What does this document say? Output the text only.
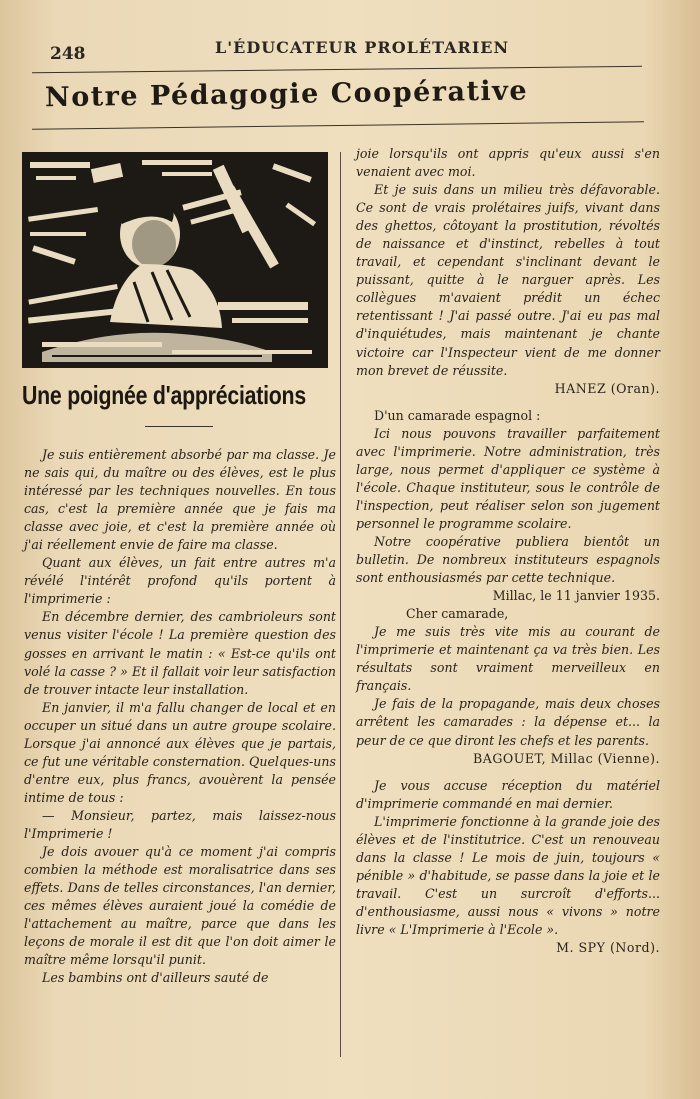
248	L'ÉDUCATEUR PROLÉTARIEN
Notre Pédagogie Coopérative
Une poignée d'appréciations

Je suis entièrement absorbé par ma classe. Je ne sais qui, du maître ou des élèves, est le plus intéressé par les techniques nouvelles. En tous cas, c'est la première année que je fais ma classe avec joie, et c'est la première année où j'ai réellement envie de faire ma classe.

Quant aux élèves, un fait entre autres m'a révélé l'intérêt profond qu'ils portent à l'imprimerie :

En décembre dernier, des cambrioleurs sont venus visiter l'école ! La première question des gosses en arrivant le matin : « Est-ce qu'ils ont volé la casse ? » Et il fallait voir leur satisfaction de trouver intacte leur installation.

En janvier, il m'a fallu changer de local et en occuper un situé dans un autre groupe scolaire. Lorsque j'ai annoncé aux élèves que je partais, ce fut une véritable consternation. Quelques-uns d'entre eux, plus francs, avouèrent la pensée intime de tous :

— Monsieur, partez, mais laissez-nous l'Imprimerie !

Je dois avouer qu'à ce moment j'ai compris combien la méthode est moralisatrice dans ses effets. Dans de telles circonstances, l'an dernier, ces mêmes élèves auraient joué la comédie de l'attachement au maître, parce que dans les leçons de morale il est dit que l'on doit aimer le maître même lorsqu'il punit.

Les bambins ont d'ailleurs sauté de

joie lorsqu'ils ont appris qu'eux aussi s'en venaient avec moi.

Et je suis dans un milieu très défavorable. Ce sont de vrais prolétaires juifs, vivant dans des ghettos, côtoyant la prostitution, révoltés de naissance et d'instinct, rebelles à tout travail, et cependant s'inclinant devant le puissant, quitte à le narguer après. Les collègues m'avaient prédit un échec retentissant ! J'ai passé outre. J'ai eu pas mal d'inquiétudes, mais maintenant je chante victoire car l'Inspecteur vient de me donner mon brevet de réussite.

HANEZ (Oran).

D'un camarade espagnol :

Ici nous pouvons travailler parfaitement avec l'imprimerie. Notre administration, très large, nous permet d'appliquer ce système à l'école. Chaque instituteur, sous le contrôle de l'inspection, peut réaliser selon son jugement personnel le programme scolaire.

Notre coopérative publiera bientôt un bulletin. De nombreux instituteurs espagnols sont enthousiasmés par cette technique.

Millac, le 11 janvier 1935.

Cher camarade,

Je me suis très vite mis au courant de l'imprimerie et maintenant ça va très bien. Les résultats sont vraiment merveilleux en français.

Je fais de la propagande, mais deux choses arrêtent les camarades : la dépense et... la peur de ce que diront les chefs et les parents.

BAGOUET, Millac (Vienne).

Je vous accuse réception du matériel d'imprimerie commandé en mai dernier.

L'imprimerie fonctionne à la grande joie des élèves et de l'institutrice. C'est un renouveau dans la classe ! Le mois de juin, toujours « pénible » d'habitude, se passe dans la joie et le travail. C'est un surcroît d'efforts... d'enthousiasme, aussi nous « vivons » notre livre « L'Imprimerie à l'Ecole ».

M. SPY (Nord).
